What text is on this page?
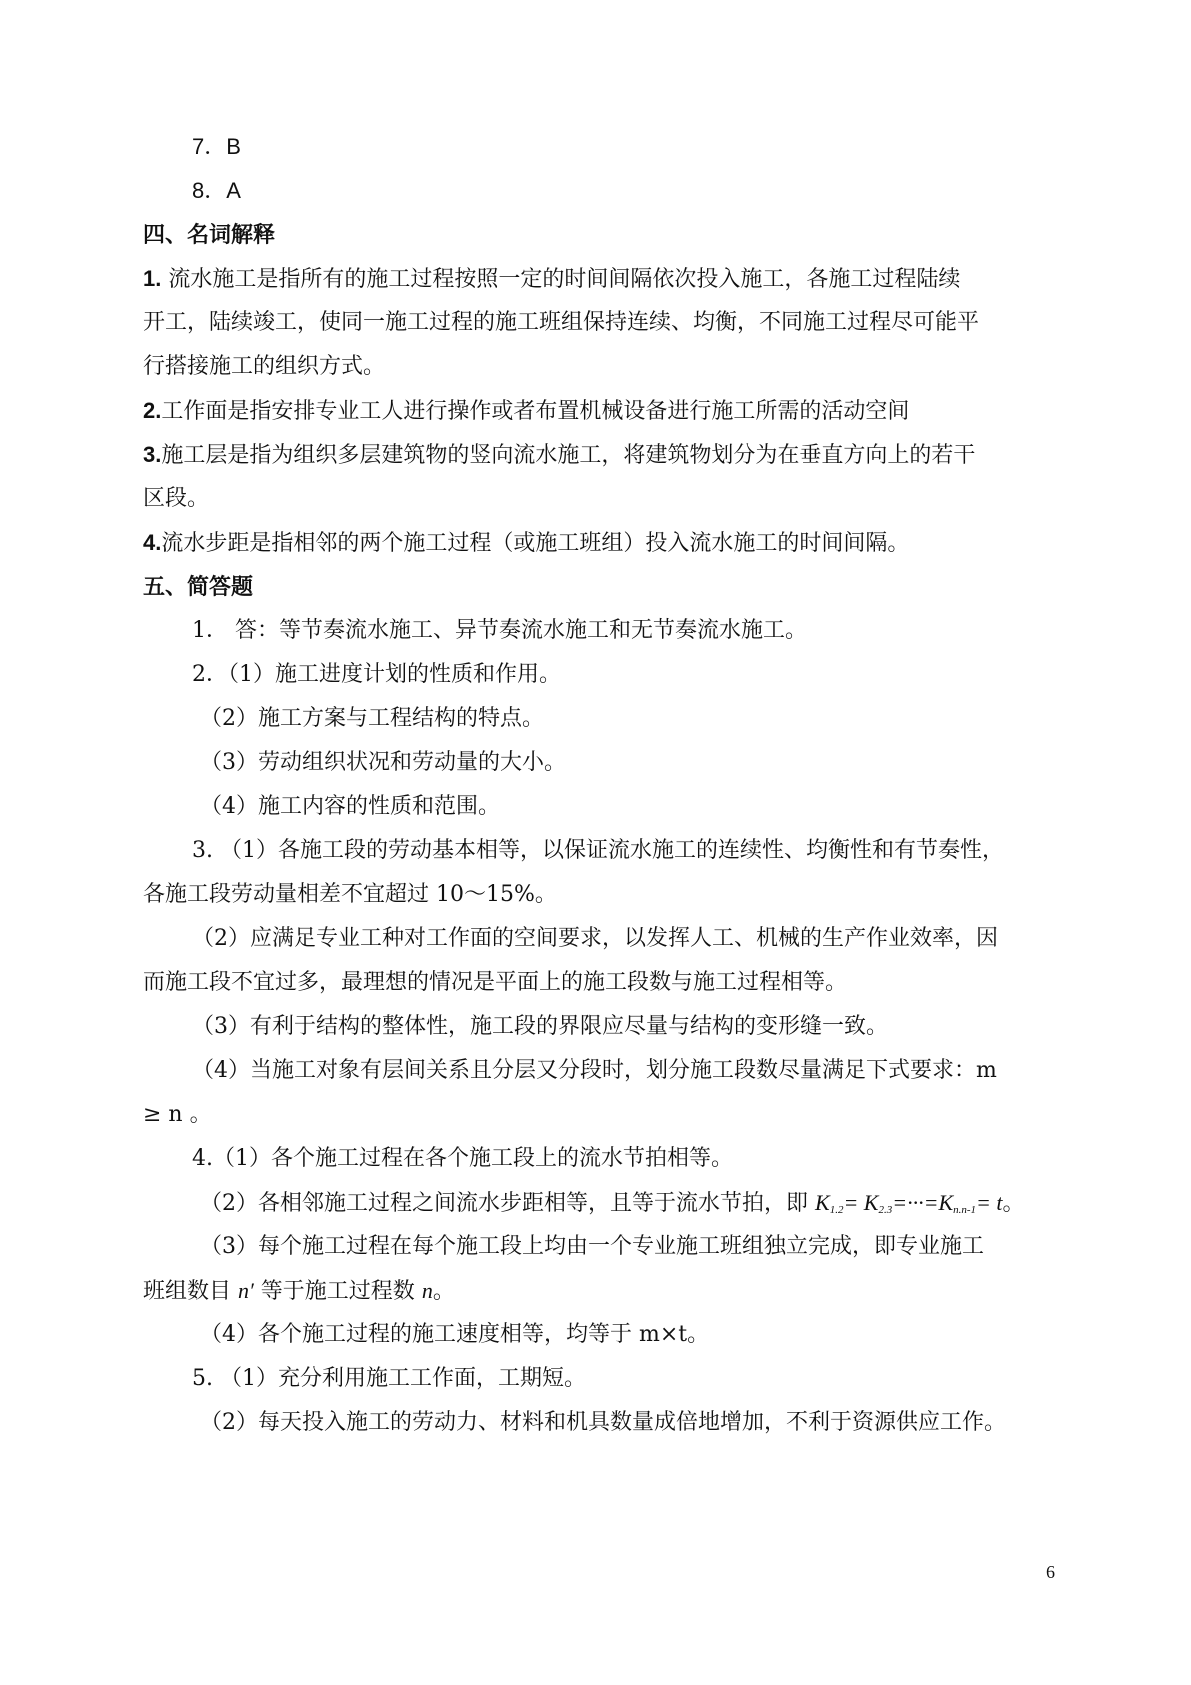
7．B
8．A
四、名词解释
1. 流水施工是指所有的施工过程按照一定的时间间隔依次投入施工，各施工过程陆续
开工，陆续竣工，使同一施工过程的施工班组保持连续、均衡，不同施工过程尽可能平
行搭接施工的组织方式。
2.工作面是指安排专业工人进行操作或者布置机械设备进行施工所需的活动空间
3.施工层是指为组织多层建筑物的竖向流水施工，将建筑物划分为在垂直方向上的若干
区段。
4.流水步距是指相邻的两个施工过程（或施工班组）投入流水施工的时间间隔。
五、简答题
1． 答：等节奏流水施工、异节奏流水施工和无节奏流水施工。
2．（1）施工进度计划的性质和作用。
（2）施工方案与工程结构的特点。
（3）劳动组织状况和劳动量的大小。
（4）施工内容的性质和范围。
3. （1）各施工段的劳动基本相等，以保证流水施工的连续性、均衡性和有节奏性，
各施工段劳动量相差不宜超过 10～15%。
（2）应满足专业工种对工作面的空间要求，以发挥人工、机械的生产作业效率，因
而施工段不宜过多，最理想的情况是平面上的施工段数与施工过程相等。
（3）有利于结构的整体性，施工段的界限应尽量与结构的变形缝一致。
（4）当施工对象有层间关系且分层又分段时，划分施工段数尽量满足下式要求：m
≥ n 。
4.（1）各个施工过程在各个施工段上的流水节拍相等。
（2）各相邻施工过程之间流水步距相等，且等于流水节拍，即 $K_{1.2}= K_{2.3}=\cdot\cdot\cdot=K_{n.n-1}= t$。
（3）每个施工过程在每个施工段上均由一个专业施工班组独立完成，即专业施工
班组数目 n′ 等于施工过程数 n。
（4）各个施工过程的施工速度相等，均等于 m×t。
5. （1）充分利用施工工作面，工期短。
（2）每天投入施工的劳动力、材料和机具数量成倍地增加，不利于资源供应工作。
6
